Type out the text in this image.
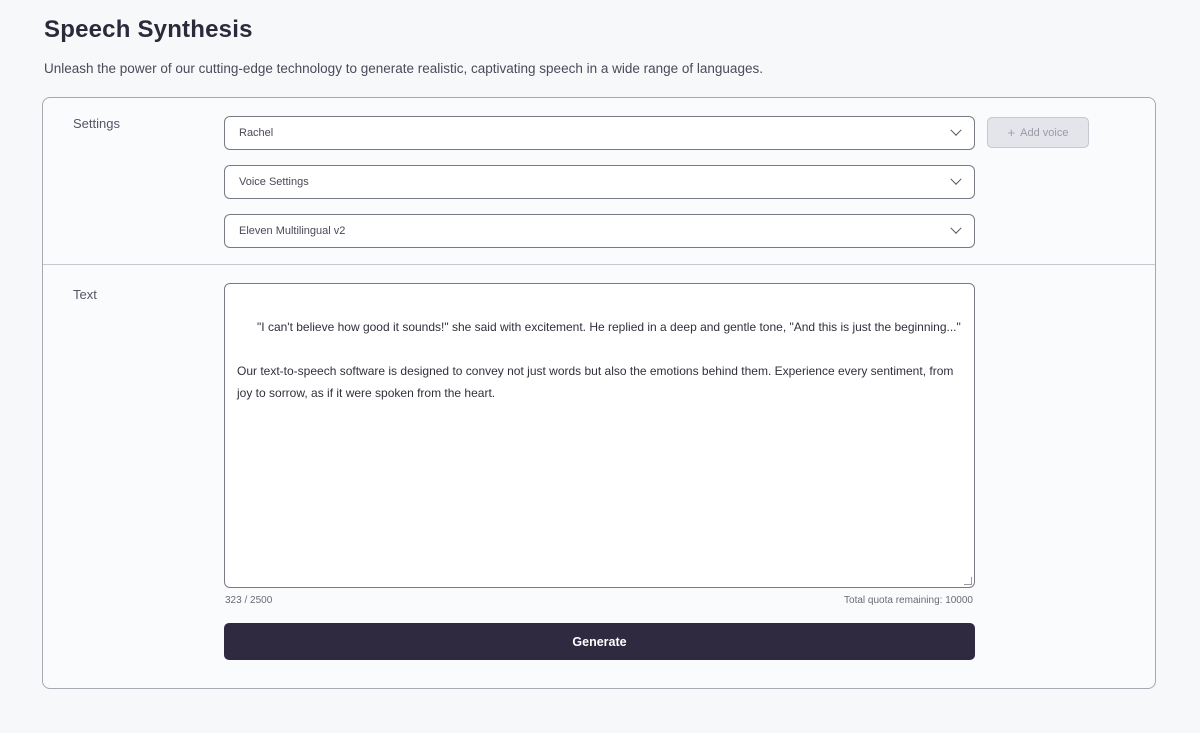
Speech Synthesis

Unleash the power of our cutting-edge technology to generate realistic, captivating speech in a wide range of languages.

Settings
Rachel	+ Add voice
Voice Settings
Eleven Multilingual v2
Text

"I can't believe how good it sounds!" she said with excitement. He replied in a deep and gentle tone, "And this is just the beginning..."

Our text-to-speech software is designed to convey not just words but also the emotions behind them. Experience every sentiment, from joy to sorrow, as if it were spoken from the heart.

323 / 2500	Total quota remaining: 10000
Generate
